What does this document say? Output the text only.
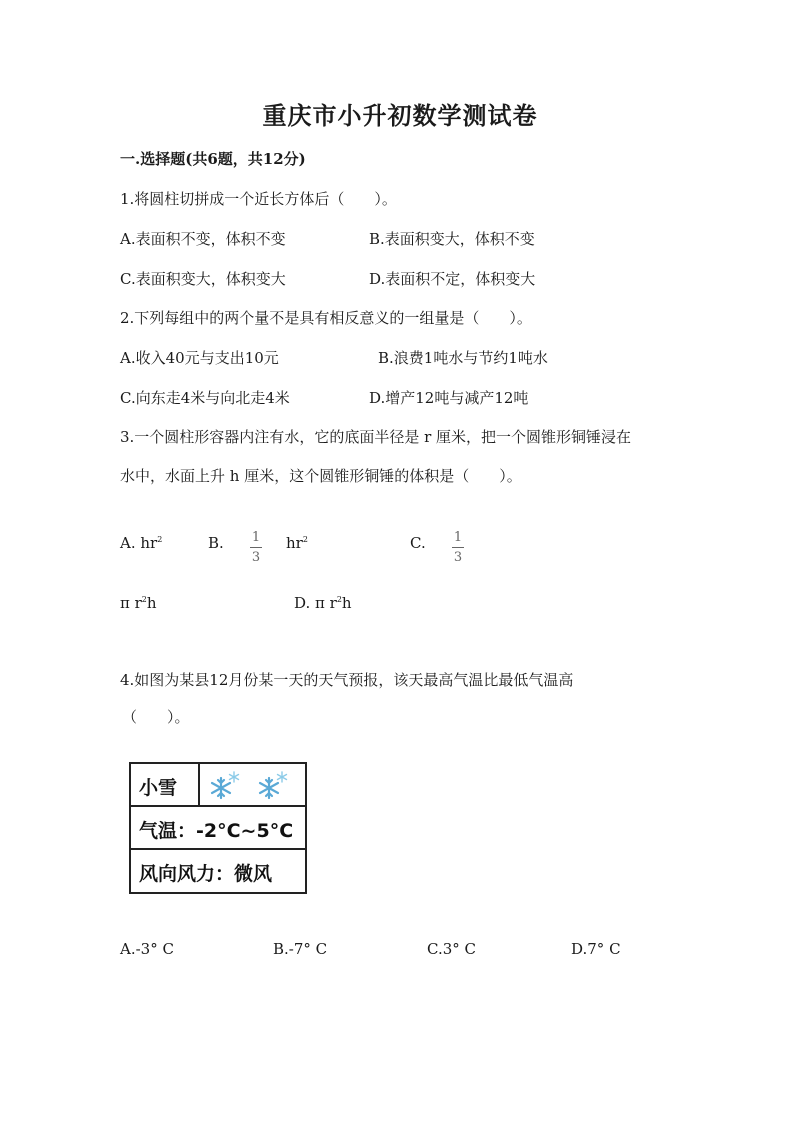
重庆市小升初数学测试卷
一.选择题(共6题，共12分)
1.将圆柱切拼成一个近长方体后（　　）。
A.表面积不变，体积不变	B.表面积变大，体积不变
C.表面积变大，体积变大	D.表面积不定，体积变大
2.下列每组中的两个量不是具有相反意义的一组量是（　　）。
A.收入40元与支出10元	B.浪费1吨水与节约1吨水
C.向东走4米与向北走4米	D.增产12吨与减产12吨
3.一个圆柱形容器内注有水，它的底面半径是 r 厘米，把一个圆锥形铜锤浸在
水中，水面上升 h 厘米，这个圆锥形铜锤的体积是（　　）。
A. $hr^2$	B. $\frac{1}{3} hr^2$	C. $\frac{1}{3}$
π $r^2h$	D. π $r^2h$
4.如图为某县12月份某一天的天气预报，该天最高气温比最低气温高
（　　）。
小雪
气温：-2°C~5°C
风向风力：微风
A.-3° C	B.-7° C	C.3° C	D.7° C
